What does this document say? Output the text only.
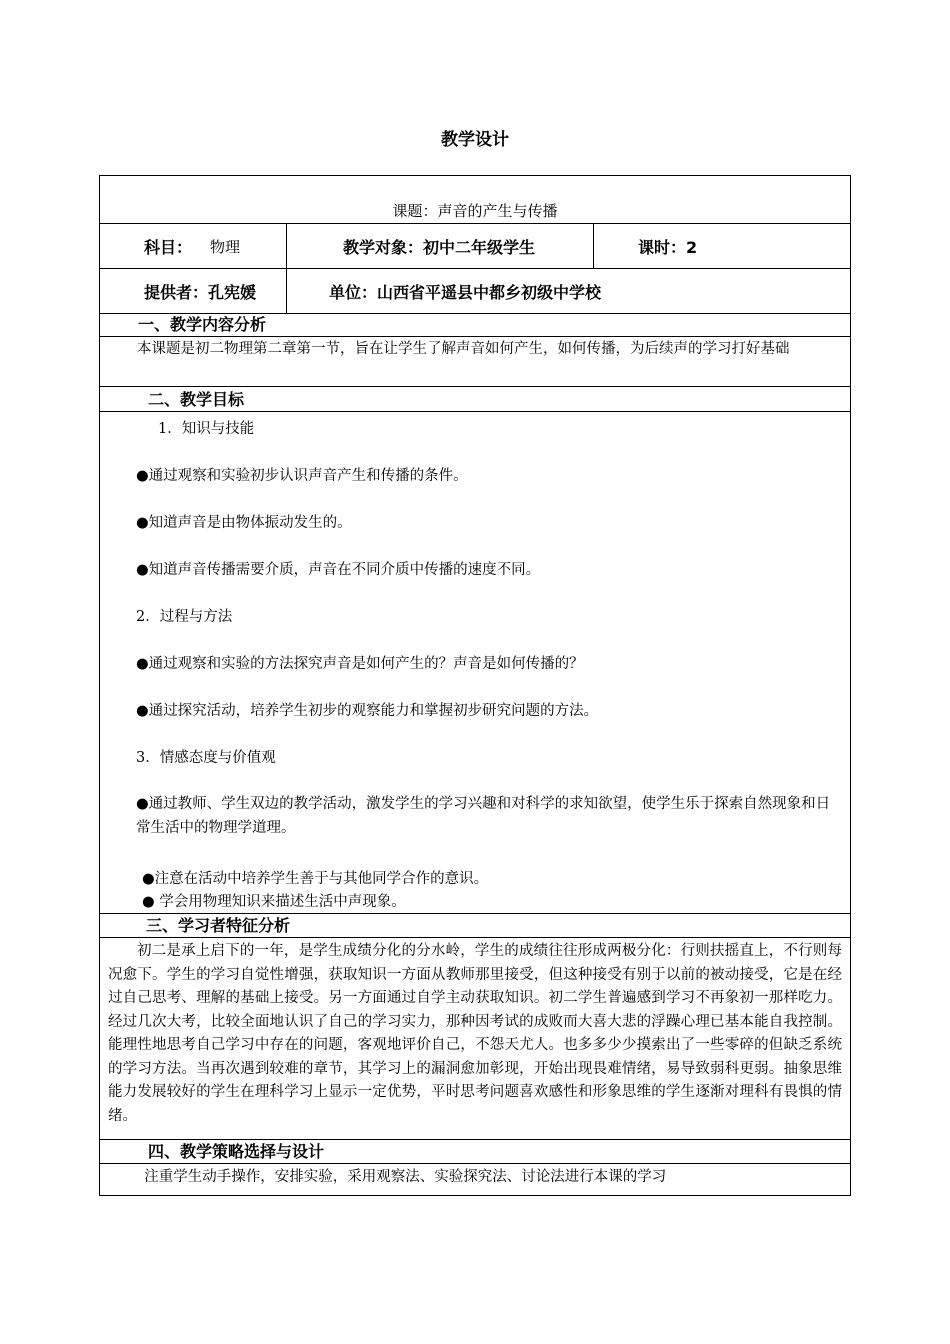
教学设计
课题：声音的产生与传播
科目： 物理	教学对象：初中二年级学生	课时：2
提供者：孔宪媛	单位：山西省平遥县中都乡初级中学校
一、教学内容分析
本课题是初二物理第二章第一节，旨在让学生了解声音如何产生，如何传播，为后续声的学习打好基础
二、教学目标
1．知识与技能
●通过观察和实验初步认识声音产生和传播的条件。
●知道声音是由物体振动发生的。
●知道声音传播需要介质，声音在不同介质中传播的速度不同。
2．过程与方法
●通过观察和实验的方法探究声音是如何产生的？声音是如何传播的？
●通过探究活动，培养学生初步的观察能力和掌握初步研究问题的方法。
3．情感态度与价值观
●通过教师、学生双边的教学活动，激发学生的学习兴趣和对科学的求知欲望，使学生乐于探索自然现象和日常生活中的物理学道理。
●注意在活动中培养学生善于与其他同学合作的意识。
● 学会用物理知识来描述生活中声现象。
三、学习者特征分析
初二是承上启下的一年，是学生成绩分化的分水岭，学生的成绩往往形成两极分化：行则扶摇直上，不行则每况愈下。学生的学习自觉性增强，获取知识一方面从教师那里接受，但这种接受有别于以前的被动接受，它是在经过自己思考、理解的基础上接受。另一方面通过自学主动获取知识。初二学生普遍感到学习不再象初一那样吃力。经过几次大考，比较全面地认识了自己的学习实力，那种因考试的成败而大喜大悲的浮躁心理已基本能自我控制。能理性地思考自己学习中存在的问题，客观地评价自己，不怨天尤人。也多多少少摸索出了一些零碎的但缺乏系统的学习方法。当再次遇到较难的章节，其学习上的漏洞愈加彰现，开始出现畏难情绪，易导致弱科更弱。抽象思维能力发展较好的学生在理科学习上显示一定优势，平时思考问题喜欢感性和形象思维的学生逐渐对理科有畏惧的情绪。
四、教学策略选择与设计
注重学生动手操作，安排实验，采用观察法、实验探究法、讨论法进行本课的学习
